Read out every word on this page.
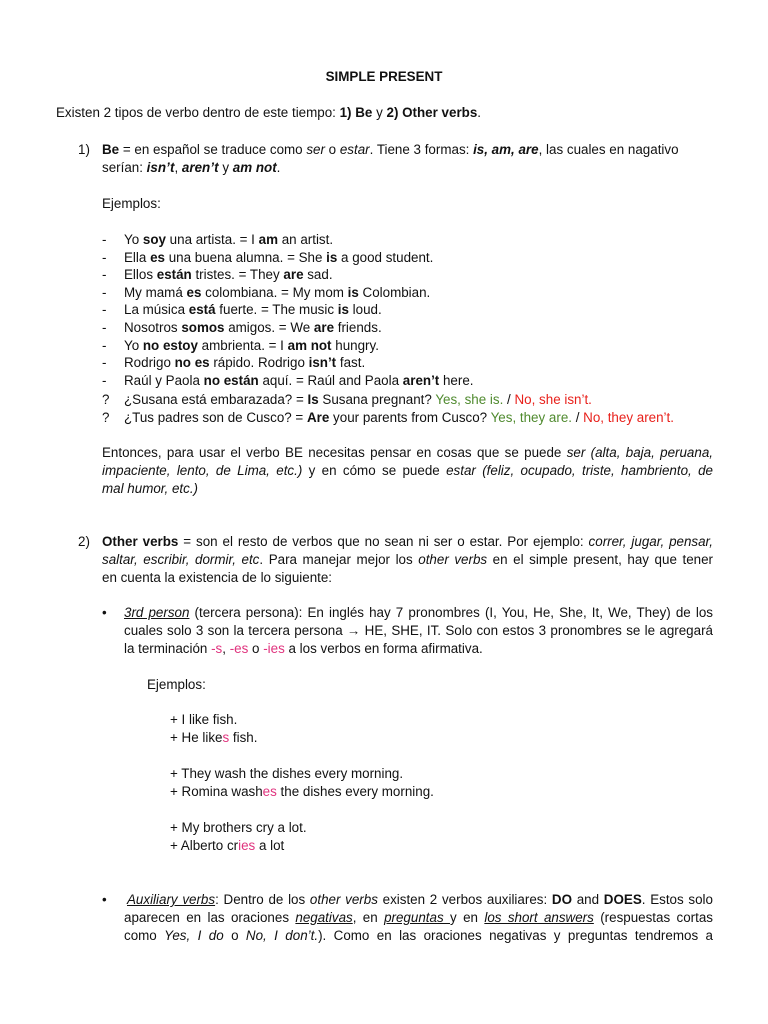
SIMPLE PRESENT
Existen 2 tipos de verbo dentro de este tiempo: 1) Be y 2) Other verbs.
1) Be = en español se traduce como ser o estar. Tiene 3 formas: is, am, are, las cuales en nagativo
serían: isn’t, aren’t y am not.
Ejemplos:
- Yo soy una artista. = I am an artist.
- Ella es una buena alumna. = She is a good student.
- Ellos están tristes. = They are sad.
- My mamá es colombiana. = My mom is Colombian.
- La música está fuerte. = The music is loud.
- Nosotros somos amigos. = We are friends.
- Yo no estoy ambrienta. = I am not hungry.
- Rodrigo no es rápido. Rodrigo isn’t fast.
- Raúl y Paola no están aquí. = Raúl and Paola aren’t here.
? ¿Susana está embarazada? = Is Susana pregnant? Yes, she is. / No, she isn’t.
? ¿Tus padres son de Cusco? = Are your parents from Cusco? Yes, they are. / No, they aren’t.
Entonces, para usar el verbo BE necesitas pensar en cosas que se puede ser (alta, baja, peruana,
impaciente, lento, de Lima, etc.) y en cómo se puede estar (feliz, ocupado, triste, hambriento, de
mal humor, etc.)
2) Other verbs = son el resto de verbos que no sean ni ser o estar. Por ejemplo: correr, jugar, pensar,
saltar, escribir, dormir, etc. Para manejar mejor los other verbs en el simple present, hay que tener
en cuenta la existencia de lo siguiente:
• 3rd person (tercera persona): En inglés hay 7 pronombres (I, You, He, She, It, We, They) de los
cuales solo 3 son la tercera persona → HE, SHE, IT. Solo con estos 3 pronombres se le agregará
la terminación -s, -es o -ies a los verbos en forma afirmativa.
Ejemplos:
+ I like fish.
+ He likes fish.
+ They wash the dishes every morning.
+ Romina washes the dishes every morning.
+ My brothers cry a lot.
+ Alberto cries a lot
• Auxiliary verbs: Dentro de los other verbs existen 2 verbos auxiliares: DO and DOES. Estos solo
aparecen en las oraciones negativas, en preguntas y en los short answers (respuestas cortas
como Yes, I do o No, I don’t.). Como en las oraciones negativas y preguntas tendremos a
